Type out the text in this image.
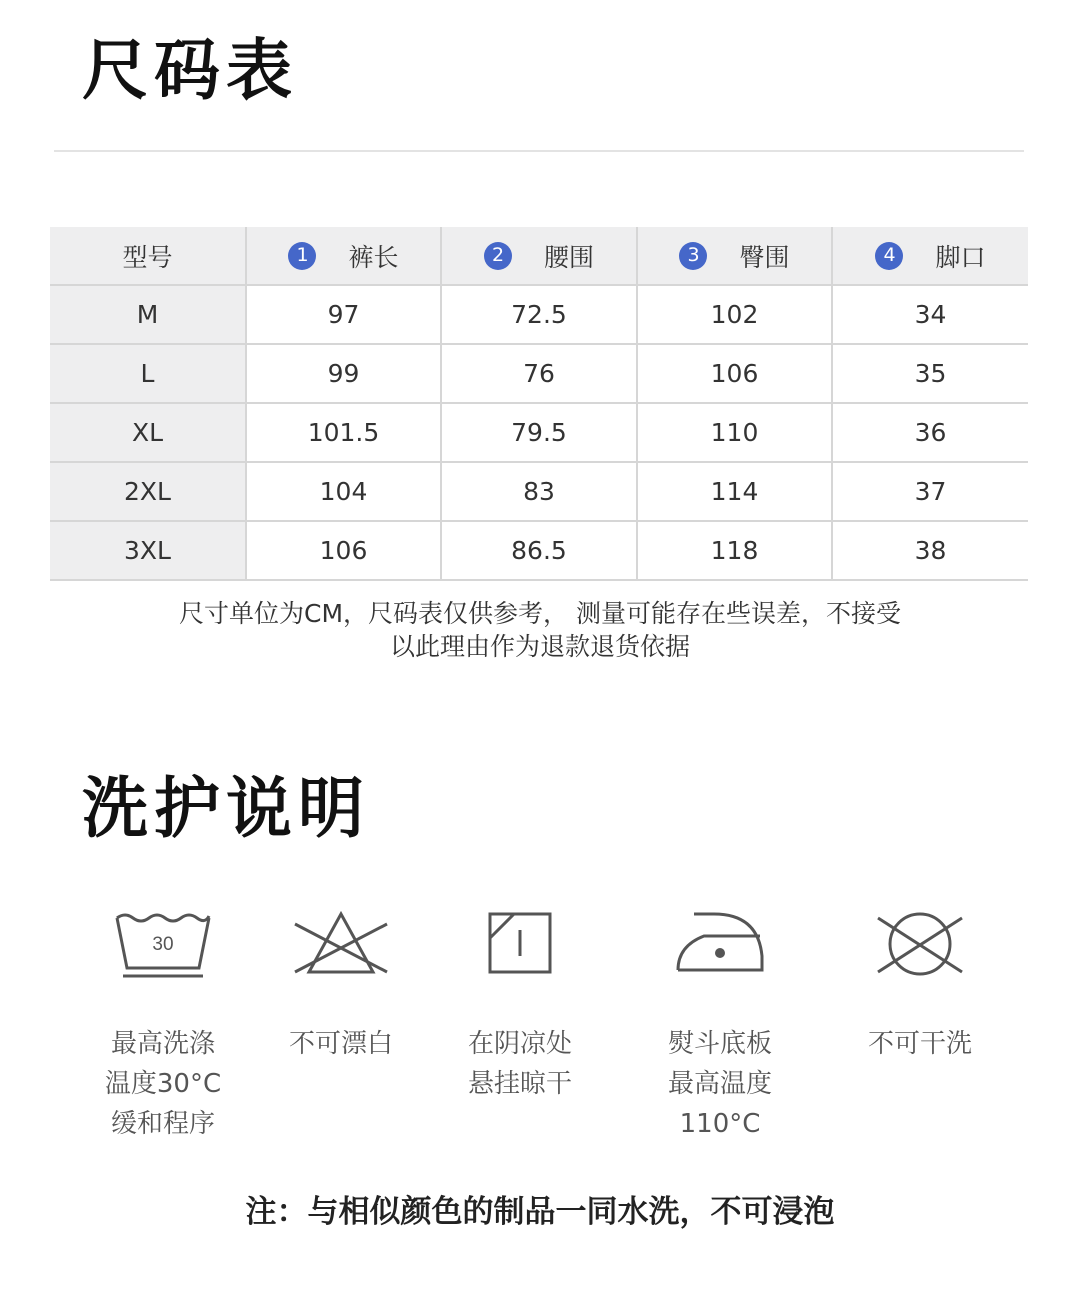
尺码表
型号	1 裤长	2 腰围	3 臀围	4 脚口

M	97	72.5	102	34
L	99	76	106	35
XL	101.5	79.5	110	36
2XL	104	83	114	37
3XL	106	86.5	118	38
尺寸单位为CM，尺码表仅供参考， 测量可能存在些误差，不接受
以此理由作为退款退货依据
洗护说明
30
最高洗涤
温度30°C
缓和程序
不可漂白	在阴凉处
悬挂晾干
熨斗底板
最高温度110°C
不可干洗
注：与相似颜色的制品一同水洗，不可浸泡
